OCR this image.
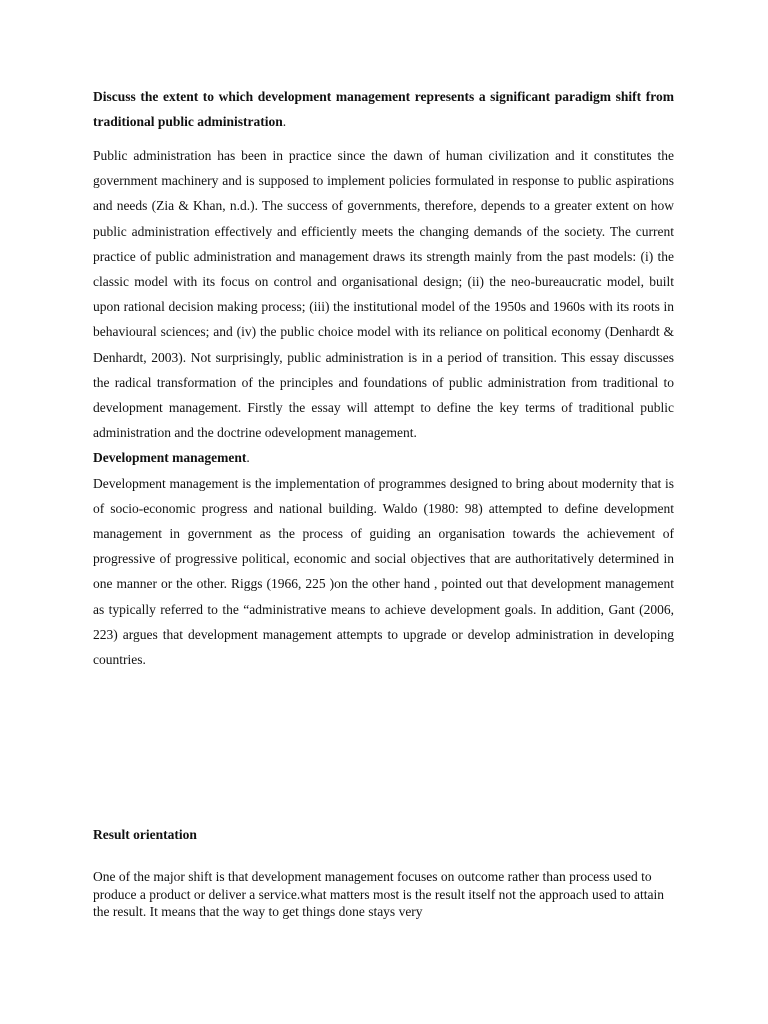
Discuss the extent to which development management represents a significant paradigm shift from traditional public administration.

Public administration has been in practice since the dawn of human civilization and it constitutes the government machinery and is supposed to implement policies formulated in response to public aspirations and needs (Zia & Khan, n.d.). The success of governments, therefore, depends to a greater extent on how public administration effectively and efficiently meets the changing demands of the society. The current practice of public administration and management draws its strength mainly from the past models: (i) the classic model with its focus on control and organisational design; (ii) the neo-bureaucratic model, built upon rational decision making process; (iii) the institutional model of the 1950s and 1960s with its roots in behavioural sciences; and (iv) the public choice model with its reliance on political economy (Denhardt & Denhardt, 2003). Not surprisingly, public administration is in a period of transition. This essay discusses the radical transformation of the principles and foundations of public administration from traditional to development management. Firstly the essay will attempt to define the key terms of traditional public administration and the doctrine odevelopment management.

Development management.

Development management is the implementation of programmes designed to bring about modernity that is of socio-economic progress and national building. Waldo (1980: 98) attempted to define development management in government as the process of guiding an organisation towards the achievement of progressive of progressive political, economic and social objectives that are authoritatively determined in one manner or the other. Riggs (1966, 225 )on the other hand , pointed out that development management as typically referred to the “administrative means to achieve development goals. In addition, Gant (2006, 223) argues that development management attempts to upgrade or develop administration in developing countries.

Result orientation

One of the major shift is that development management focuses on outcome rather than process used to produce a product or deliver a service.what matters most is the result itself not the approach used to attain the result. It means that the way to get things done stays very
